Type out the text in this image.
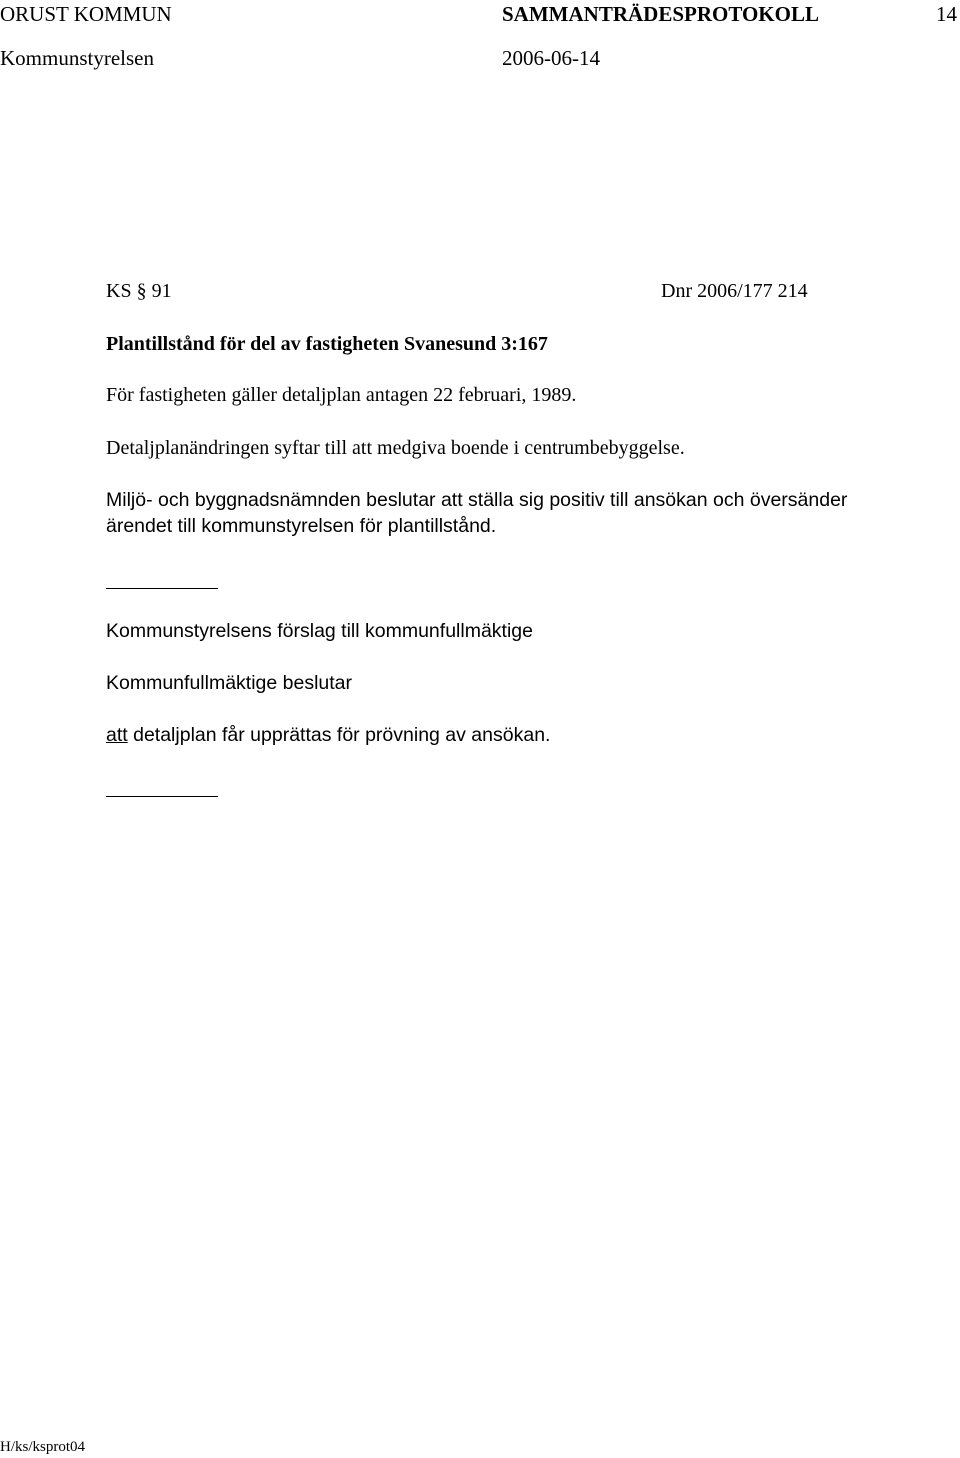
ORUST KOMMUN	SAMMANTRÄDESPROTOKOLL	14
Kommunstyrelsen	2006-06-14
KS § 91	Dnr 2006/177 214
Plantillstånd för del av fastigheten Svanesund 3:167
För fastigheten gäller detaljplan antagen 22 februari, 1989.
Detaljplanändringen syftar till att medgiva boende i centrumbebyggelse.
Miljö- och byggnadsnämnden beslutar att ställa sig positiv till ansökan och översänder
ärendet till kommunstyrelsen för plantillstånd.
Kommunstyrelsens förslag till kommunfullmäktige
Kommunfullmäktige beslutar
att detaljplan får upprättas för prövning av ansökan.
H/ks/ksprot04
